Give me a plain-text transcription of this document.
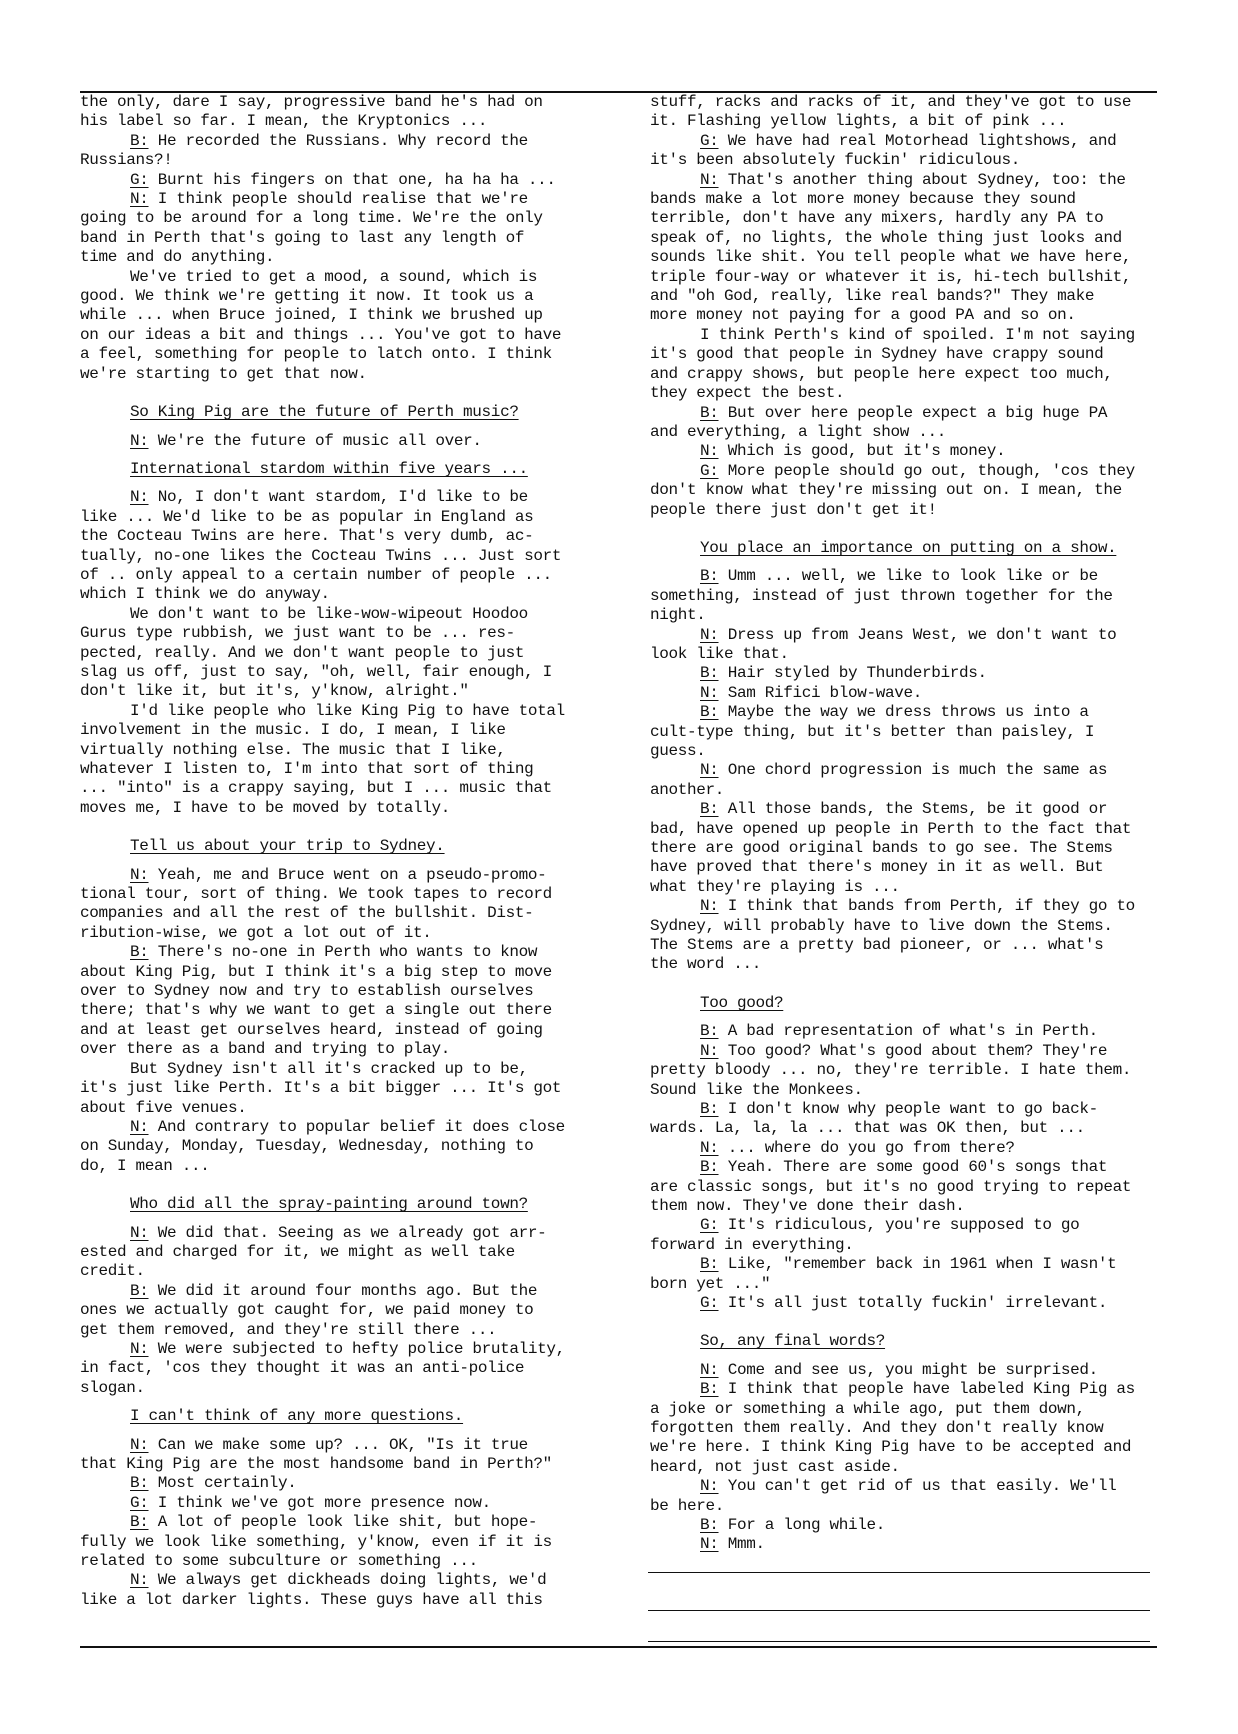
the only, dare I say, progressive band he's had on

his label so far. I mean, the Kryptonics ...

B: He recorded the Russians. Why record the

Russians?!

G: Burnt his fingers on that one, ha ha ha ...

N: I think people should realise that we're

going to be around for a long time. We're the only

band in Perth that's going to last any length of

time and do anything.

We've tried to get a mood, a sound, which is

good. We think we're getting it now. It took us a

while ... when Bruce joined, I think we brushed up

on our ideas a bit and things ... You've got to have

a feel, something for people to latch onto. I think

we're starting to get that now.

So King Pig are the future of Perth music?

N: We're the future of music all over.

International stardom within five years ...

N: No, I don't want stardom, I'd like to be

like ... We'd like to be as popular in England as

the Cocteau Twins are here. That's very dumb, ac-

tually, no-one likes the Cocteau Twins ... Just sort

of .. only appeal to a certain number of people ...

which I think we do anyway.

We don't want to be like-wow-wipeout Hoodoo

Gurus type rubbish, we just want to be ... res-

pected, really. And we don't want people to just

slag us off, just to say, "oh, well, fair enough, I

don't like it, but it's, y'know, alright."

I'd like people who like King Pig to have total

involvement in the music. I do, I mean, I like

virtually nothing else. The music that I like,

whatever I listen to, I'm into that sort of thing

... "into" is a crappy saying, but I ... music that

moves me, I have to be moved by totally.

Tell us about your trip to Sydney.

N: Yeah, me and Bruce went on a pseudo-promo-

tional tour, sort of thing. We took tapes to record

companies and all the rest of the bullshit. Dist-

ribution-wise, we got a lot out of it.

B: There's no-one in Perth who wants to know

about King Pig, but I think it's a big step to move

over to Sydney now and try to establish ourselves

there; that's why we want to get a single out there

and at least get ourselves heard, instead of going

over there as a band and trying to play.

But Sydney isn't all it's cracked up to be,

it's just like Perth. It's a bit bigger ... It's got

about five venues.

N: And contrary to popular belief it does close

on Sunday, Monday, Tuesday, Wednesday, nothing to

do, I mean ...

Who did all the spray-painting around town?

N: We did that. Seeing as we already got arr-

ested and charged for it, we might as well take

credit.

B: We did it around four months ago. But the

ones we actually got caught for, we paid money to

get them removed, and they're still there ...

N: We were subjected to hefty police brutality,

in fact, 'cos they thought it was an anti-police

slogan.

I can't think of any more questions.

N: Can we make some up? ... OK, "Is it true

that King Pig are the most handsome band in Perth?"

B: Most certainly.

G: I think we've got more presence now.

B: A lot of people look like shit, but hope-

fully we look like something, y'know, even if it is

related to some subculture or something ...

N: We always get dickheads doing lights, we'd

like a lot darker lights. These guys have all this

stuff, racks and racks of it, and they've got to use

it. Flashing yellow lights, a bit of pink ...

G: We have had real Motorhead lightshows, and

it's been absolutely fuckin' ridiculous.

N: That's another thing about Sydney, too: the

bands make a lot more money because they sound

terrible, don't have any mixers, hardly any PA to

speak of, no lights, the whole thing just looks and

sounds like shit. You tell people what we have here,

triple four-way or whatever it is, hi-tech bullshit,

and "oh God, really, like real bands?" They make

more money not paying for a good PA and so on.

I think Perth's kind of spoiled. I'm not saying

it's good that people in Sydney have crappy sound

and crappy shows, but people here expect too much,

they expect the best.

B: But over here people expect a big huge PA

and everything, a light show ...

N: Which is good, but it's money.

G: More people should go out, though, 'cos they

don't know what they're missing out on. I mean, the

people there just don't get it!

You place an importance on putting on a show.

B: Umm ... well, we like to look like or be

something, instead of just thrown together for the

night.

N: Dress up from Jeans West, we don't want to

look like that.

B: Hair styled by Thunderbirds.

N: Sam Rifici blow-wave.

B: Maybe the way we dress throws us into a

cult-type thing, but it's better than paisley, I

guess.

N: One chord progression is much the same as

another.

B: All those bands, the Stems, be it good or

bad, have opened up people in Perth to the fact that

there are good original bands to go see. The Stems

have proved that there's money in it as well. But

what they're playing is ...

N: I think that bands from Perth, if they go to

Sydney, will probably have to live down the Stems.

The Stems are a pretty bad pioneer, or ... what's

the word ...

Too good?

B: A bad representation of what's in Perth.

N: Too good? What's good about them? They're

pretty bloody ... no, they're terrible. I hate them.

Sound like the Monkees.

B: I don't know why people want to go back-

wards. La, la, la ... that was OK then, but ...

N: ... where do you go from there?

B: Yeah. There are some good 60's songs that

are classic songs, but it's no good trying to repeat

them now. They've done their dash.

G: It's ridiculous, you're supposed to go

forward in everything.

B: Like, "remember back in 1961 when I wasn't

born yet ..."

G: It's all just totally fuckin' irrelevant.

So, any final words?

N: Come and see us, you might be surprised.

B: I think that people have labeled King Pig as

a joke or something a while ago, put them down,

forgotten them really. And they don't really know

we're here. I think King Pig have to be accepted and

heard, not just cast aside.

N: You can't get rid of us that easily. We'll

be here.

B: For a long while.

N: Mmm.
